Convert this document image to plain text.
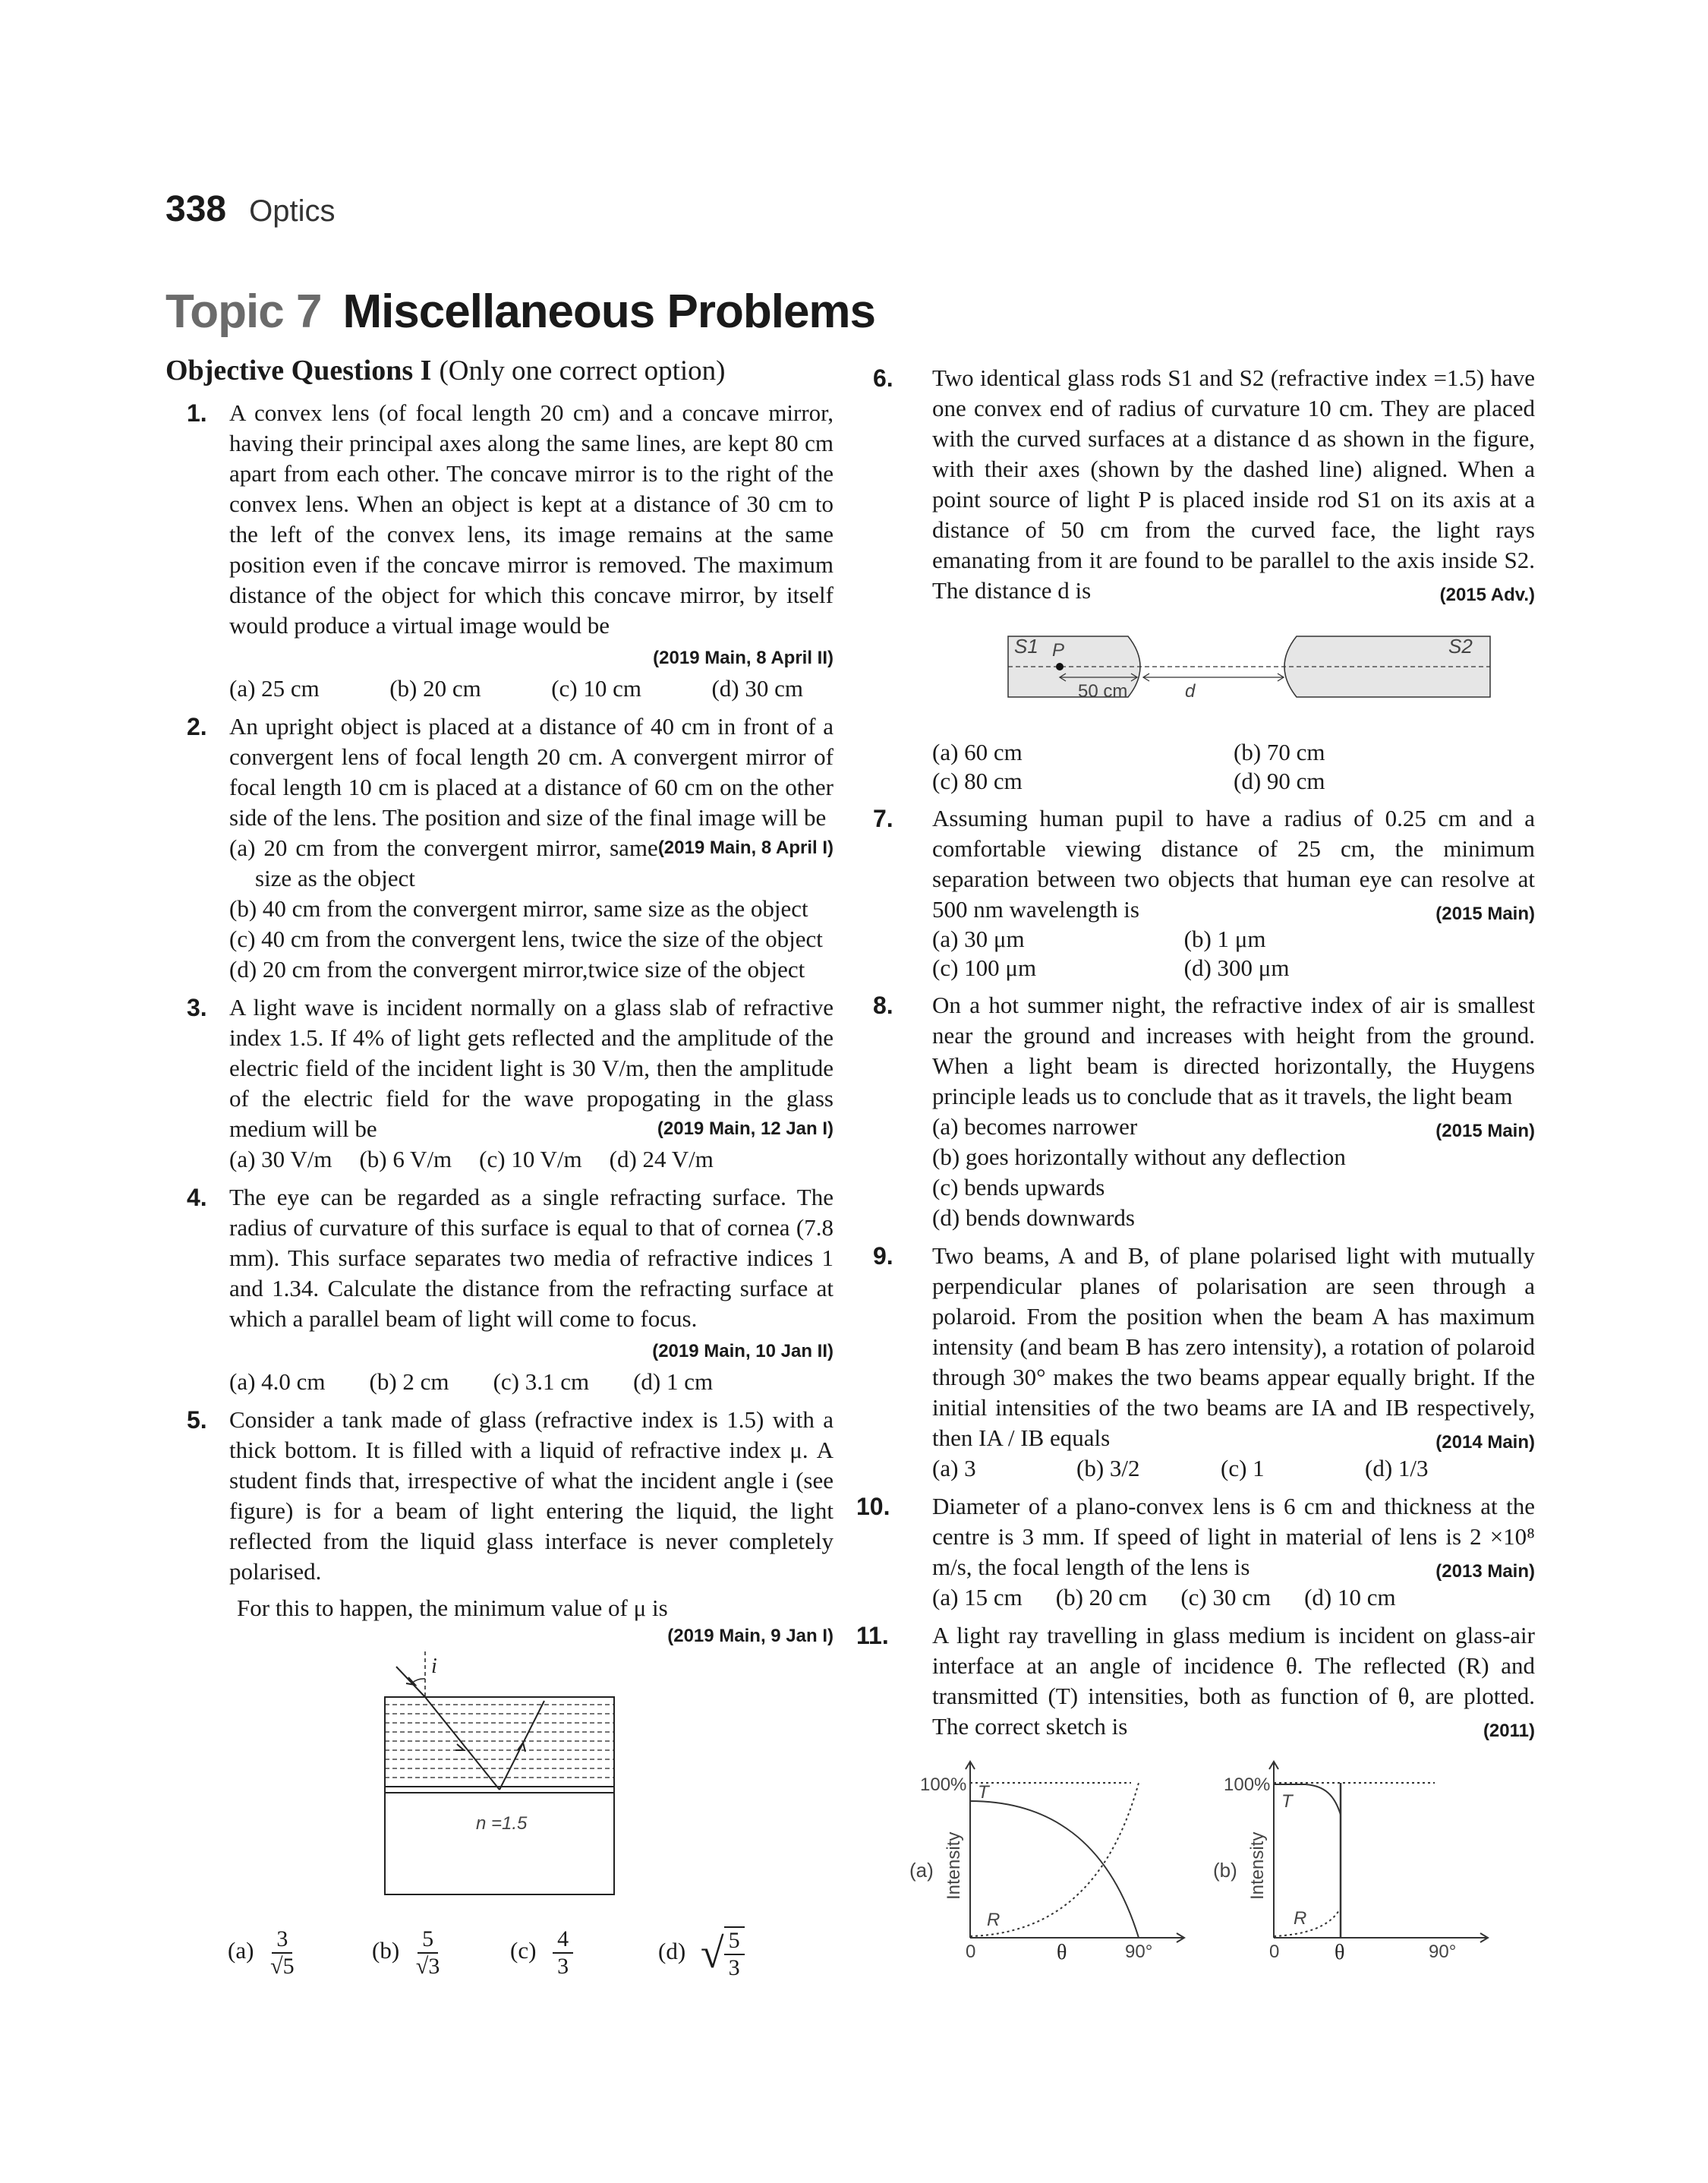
338 Optics
Topic 7 Miscellaneous Problems
Objective Questions I (Only one correct option)
1. A convex lens (of focal length 20 cm) and a concave mirror, having their principal axes along the same lines, are kept 80 cm apart from each other. The concave mirror is to the right of the convex lens. When an object is kept at a distance of 30 cm to the left of the convex lens, its image remains at the same position even if the concave mirror is removed. The maximum distance of the object for which this concave mirror, by itself would produce a virtual image would be
(2019 Main, 8 April II)
(a) 25 cm	(b) 20 cm	(c) 10 cm	(d) 30 cm
2. An upright object is placed at a distance of 40 cm in front of a convergent lens of focal length 20 cm. A convergent mirror of focal length 10 cm is placed at a distance of 60 cm on the other side of the lens. The position and size of the final image will be
(2019 Main, 8 April I)
(a) 20 cm from the convergent mirror, same size as the object
(b) 40 cm from the convergent mirror, same size as the object
(c) 40 cm from the convergent lens, twice the size of the object
(d) 20 cm from the convergent mirror,twice size of the object
3. A light wave is incident normally on a glass slab of refractive index 1.5. If 4% of light gets reflected and the amplitude of the electric field of the incident light is 30 V/m, then the amplitude of the electric field for the wave propogating in the glass medium will be	(2019 Main, 12 Jan I)
(a) 30 V/m (b) 6 V/m (c) 10 V/m (d) 24 V/m
4. The eye can be regarded as a single refracting surface. The radius of curvature of this surface is equal to that of cornea (7.8 mm). This surface separates two media of refractive indices 1 and 1.34. Calculate the distance from the refracting surface at which a parallel beam of light will come to focus.
(2019 Main, 10 Jan II)
(a) 4.0 cm (b) 2 cm (c) 3.1 cm (d) 1 cm
5. Consider a tank made of glass (refractive index is 1.5) with a thick bottom. It is filled with a liquid of refractive index μ. A student finds that, irrespective of what the incident angle i (see figure) is for a beam of light entering the liquid, the light reflected from the liquid glass interface is never completely polarised.
For this to happen, the minimum value of μ is
(2019 Main, 9 Jan I)
i
n =1.5
$(a) \frac{3}{√5}$	$(b) \frac{5}{√3}$	$(c) \frac{4}{3}$	(d) √ $\frac{5}{3}$
6. Two identical glass rods S1 and S2 (refractive index =1.5) have one convex end of radius of curvature 10 cm. They are placed with the curved surfaces at a distance d as shown in the figure, with their axes (shown by the dashed line) aligned. When a point source of light P is placed inside rod S1 on its axis at a distance of 50 cm from the curved face, the light rays emanating from it are found to be parallel to the axis inside S2. The distance d is	(2015 Adv.)
S1	S2
P
50 cm	d
(a) 60 cm	(b) 70 cm
(c) 80 cm	(d) 90 cm
7. Assuming human pupil to have a radius of 0.25 cm and a comfortable viewing distance of 25 cm, the minimum separation between two objects that human eye can resolve at 500 nm wavelength is	(2015 Main)
(a) 30 μm	(b) 1 μm
(c) 100 μm	(d) 300 μm
8. On a hot summer night, the refractive index of air is smallest near the ground and increases with height from the ground. When a light beam is directed horizontally, the Huygens principle leads us to conclude that as it travels, the light beam
(a) becomes narrower	(2015 Main)
(b) goes horizontally without any deflection
(c) bends upwards
(d) bends downwards
9. Two beams, A and B, of plane polarised light with mutually perpendicular planes of polarisation are seen through a polaroid. From the position when the beam A has maximum intensity (and beam B has zero intensity), a rotation of polaroid through 30° makes the two beams appear equally bright. If the initial intensities of the two beams are IA and IB respectively, then IA / IB equals	(2014 Main)
(a) 3	(b) 3/2	(c) 1	(d) 1/3
10. Diameter of a plano-convex lens is 6 cm and thickness at the centre is 3 mm. If speed of light in material of lens is 2 ×10⁸ m/s, the focal length of the lens is	(2013 Main)
(a) 15 cm (b) 20 cm (c) 30 cm (d) 10 cm
11. A light ray travelling in glass medium is incident on glass-air interface at an angle of incidence θ. The reflected (R) and transmitted (T) intensities, both as function of θ, are plotted. The correct sketch is	(2011)
100%
(a) Intensity
T
R
0	θ	90°
100%
(b) Intensity
T
R
0	θ	90°
